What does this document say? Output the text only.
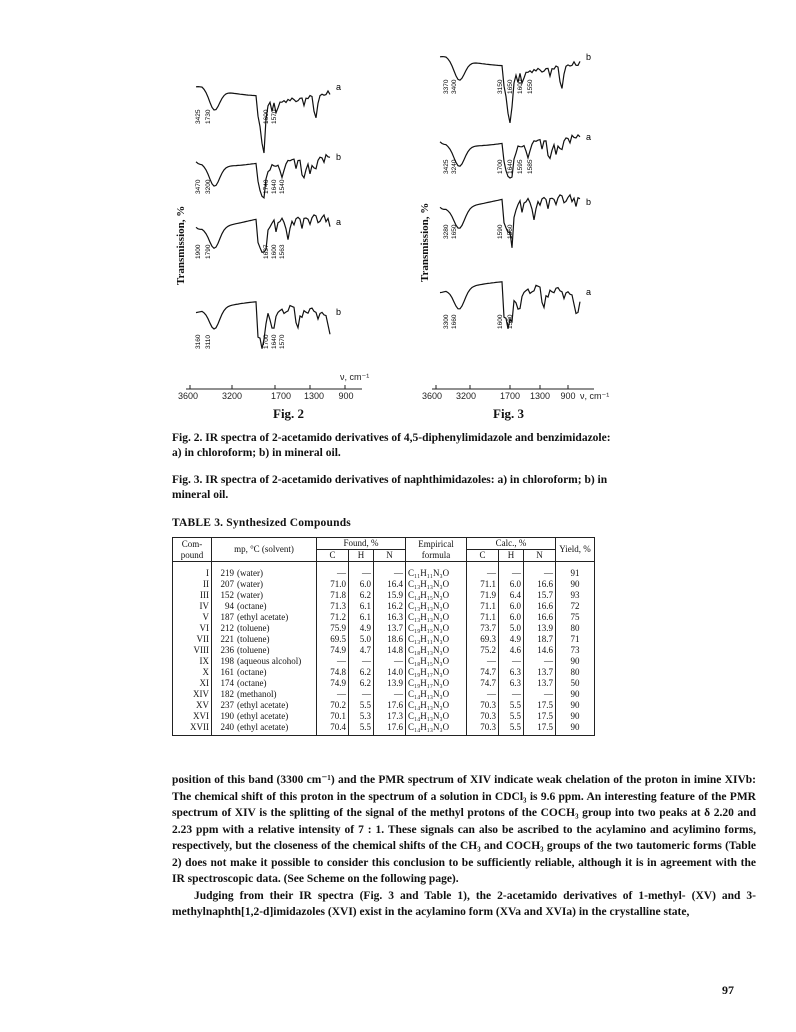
a
3425 1730	1600 1570
b
3470 3200	1740 1640 1540
a
1900 1790	1637 1600 1563
b
3160 3110	1700 1640 1570
b
3370 3400	3150 1650 1600 1550
a
3425 3240	1700 1640 1595 1585
b
3280 1650	1590 1560
a
3300 1660	1600 1580
3600	3200	1700 1300 900
ν, cm⁻¹
3600 3200	1700 1300 900 ν, cm⁻¹
Transmission, %	Transmission, %
Fig. 2	Fig. 3
Fig. 2. IR spectra of 2-acetamido derivatives of 4,5-diphenylimidazole and benzimidazole: a) in chloroform; b) in mineral oil.
Fig. 3. IR spectra of 2-acetamido derivatives of naphthimidazoles: a) in chloroform; b) in mineral oil.
TABLE 3. Synthesized Compounds
Com-pound	mp, °C (solvent)	Found, %			Empirical formula	Calc., %			Yield, %
		C	H	N		C	H	N	
I	219 (water)	—	—	—	C₁₁H₁₁N₃O	—	—	—	91
II	207 (water)	71.0	6.0	16.4	C₁₃H₁₃N₃O	71.1	6.0	16.6	90
III	152 (water)	71.8	6.2	15.9	C₁₄H₁₅N₃O	71.9	6.4	15.7	93
IV	94 (octane)	71.3	6.1	16.2	C₁₃H₁₃N₃O	71.1	6.0	16.6	72
V	187 (ethyl acetate)	71.2	6.1	16.3	C₁₃H₁₃N₃O	71.1	6.0	16.6	75
VI	212 (toluene)	75.9	4.9	13.7	C₁₉H₁₅N₃O	73.7	5.0	13.9	80
VII	221 (toluene)	69.5	5.0	18.6	C₁₃H₁₁N₃O	69.3	4.9	18.7	71
VIII	236 (toluene)	74.9	4.7	14.8	C₁₈H₁₃N₃O	75.2	4.6	14.6	73
IX	198 (aqueous alcohol)	—	—	—	C₁₈H₁₅N₃O	—	—	—	90
X	161 (octane)	74.8	6.2	14.0	C₁₉H₁₇N₃O	74.7	6.3	13.7	80
XI	174 (octane)	74.9	6.2	13.9	C₁₉H₁₇N₃O	74.7	6.3	13.7	50
XIV	182 (methanol)	—	—	—	C₁₄H₁₃N₃O	—	—	—	90
XV	237 (ethyl acetate)	70.2	5.5	17.6	C₁₄H₁₃N₃O	70.3	5.5	17.5	90
XVI	190 (ethyl acetate)	70.1	5.3	17.3	C₁₄H₁₃N₃O	70.3	5.5	17.5	90
XVII	240 (ethyl acetate)	70.4	5.5	17.6	C₁₄H₁₃N₃O	70.3	5.5	17.5	90

position of this band (3300 cm⁻¹) and the PMR spectrum of XIV indicate weak chelation of the proton in imine XIVb: The chemical shift of this proton in the spectrum of a solution in CDCl₃ is 9.6 ppm. An interesting feature of the PMR spectrum of XIV is the splitting of the signal of the methyl protons of the COCH₃ group into two peaks at δ 2.20 and 2.23 ppm with a relative intensity of 7 : 1. These signals can also be ascribed to the acylamino and acylimino forms, respectively, but the closeness of the chemical shifts of the CH₃ and COCH₃ groups of the two tautomeric forms (Table 2) does not make it possible to consider this conclusion to be sufficiently reliable, although it is in agreement with the IR spectroscopic data. (See Scheme on the following page).

Judging from their IR spectra (Fig. 3 and Table 1), the 2-acetamido derivatives of 1-methyl- (XV) and 3-methylnaphth[1,2-d]imidazoles (XVI) exist in the acylamino form (XVa and XVIa) in the crystalline state,

97
